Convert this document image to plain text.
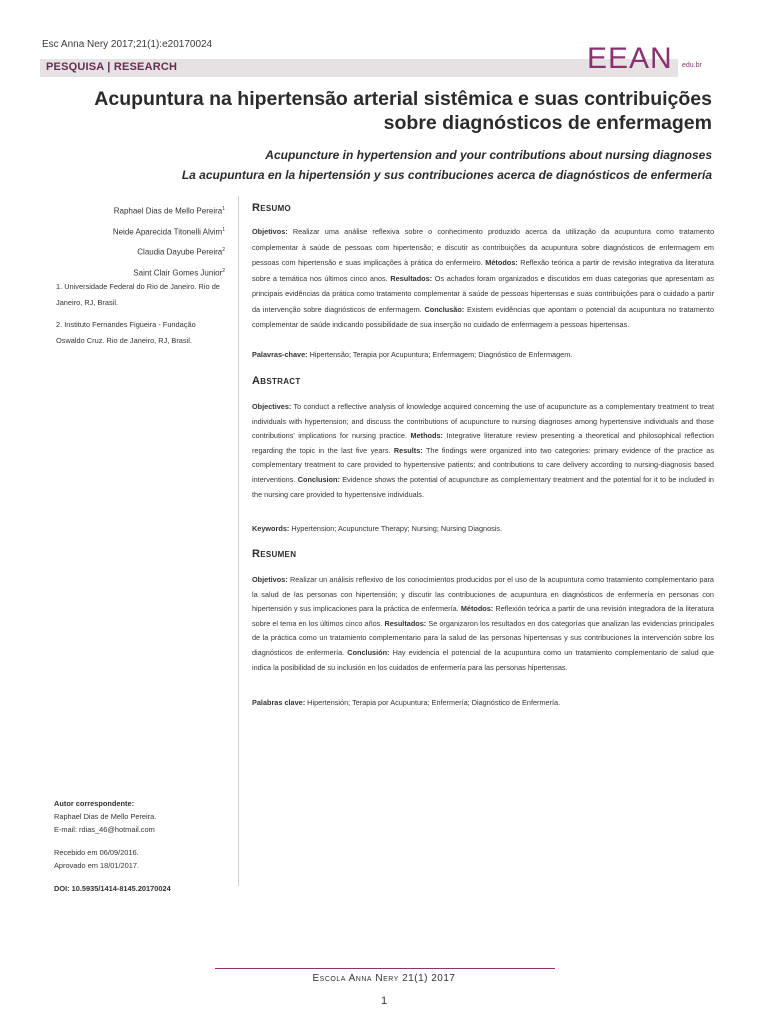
Esc Anna Nery 2017;21(1):e20170024
PESQUISA | RESEARCH	EEAN edu.br
Acupuntura na hipertensão arterial sistêmica e suas contribuições sobre diagnósticos de enfermagem
Acupuncture in hypertension and your contributions about nursing diagnoses
La acupuntura en la hipertensión y sus contribuciones acerca de diagnósticos de enfermería
Raphael Dias de Mello Pereira$^1$
Neide Aparecida Titonelli Alvim$^1$
Claudia Dayube Pereira$^2$
Saint Clair Gomes Junior$^2$

1. Universidade Federal do Rio de Janeiro. Rio de Janeiro, RJ, Brasil.

2. Instituto Fernandes Figueira - Fundação Oswaldo Cruz. Rio de Janeiro, RJ, Brasil.

Autor correspondente:
Raphael Dias de Mello Pereira.
E-mail: rdias_46@hotmail.com
Recebido em 06/09/2016.
Aprovado em 18/01/2017.
DOI: 10.5935/1414-8145.20170024
Resumo
Objetivos: Realizar uma análise reflexiva sobre o conhecimento produzido acerca da utilização da acupuntura como tratamento complementar à saúde de pessoas com hipertensão; e discutir as contribuições da acupuntura sobre diagnósticos de enfermagem em pessoas com hipertensão e suas implicações à prática do enfermeiro. Métodos: Reflexão teórica a partir de revisão integrativa da literatura sobre a temática nos últimos cinco anos. Resultados: Os achados foram organizados e discutidos em duas categorias que apresentam as principais evidências da prática como tratamento complementar à saúde de pessoas hipertensas e suas contribuições para o cuidado a partir da intervenção sobre diagnósticos de enfermagem. Conclusão: Existem evidências que apontam o potencial da acupuntura no tratamento complementar de saúde indicando possibilidade de sua inserção no cuidado de enfermagem a pessoas hipertensas.
Palavras-chave: Hipertensão; Terapia por Acupuntura; Enfermagem; Diagnóstico de Enfermagem.
Abstract
Objectives: To conduct a reflective analysis of knowledge acquired concerning the use of acupuncture as a complementary treatment to treat individuals with hypertension; and discuss the contributions of acupuncture to nursing diagnoses among hypertensive individuals and those contributions' implications for nursing practice. Methods: Integrative literature review presenting a theoretical and philosophical reflection regarding the topic in the last five years. Results: The findings were organized into two categories: primary evidence of the practice as complementary treatment to care provided to hypertensive patients; and contributions to care delivery according to nursing-diagnosis based interventions. Conclusion: Evidence shows the potential of acupuncture as complementary treatment and the potential for it to be included in the nursing care provided to hypertensive individuals.
Keywords: Hypertension; Acupuncture Therapy; Nursing; Nursing Diagnosis.
Resumen
Objetivos: Realizar un análisis reflexivo de los conocimientos producidos por el uso de la acupuntura como tratamiento complementario para la salud de las personas con hipertensión; y discutir las contribuciones de acupuntura en diagnósticos de enfermería en personas con hipertensión y sus implicaciones para la práctica de enfermería. Métodos: Reflexión teórica a partir de una revisión integradora de la literatura sobre el tema en los últimos cinco años. Resultados: Se organizaron los resultados en dos categorías que analizan las evidencias principales de la práctica como un tratamiento complementario para la salud de las personas hipertensas y sus contribuciones la intervención sobre los diagnósticos de enfermería. Conclusión: Hay evidencia el potencial de la acupuntura como un tratamiento complementario de salud que indica la posibilidad de su inclusión en los cuidados de enfermería para las personas hipertensas.
Palabras clave: Hipertensión; Terapia por Acupuntura; Enfermería; Diagnóstico de Enfermería.
Escola Anna Nery 21(1) 2017
1
